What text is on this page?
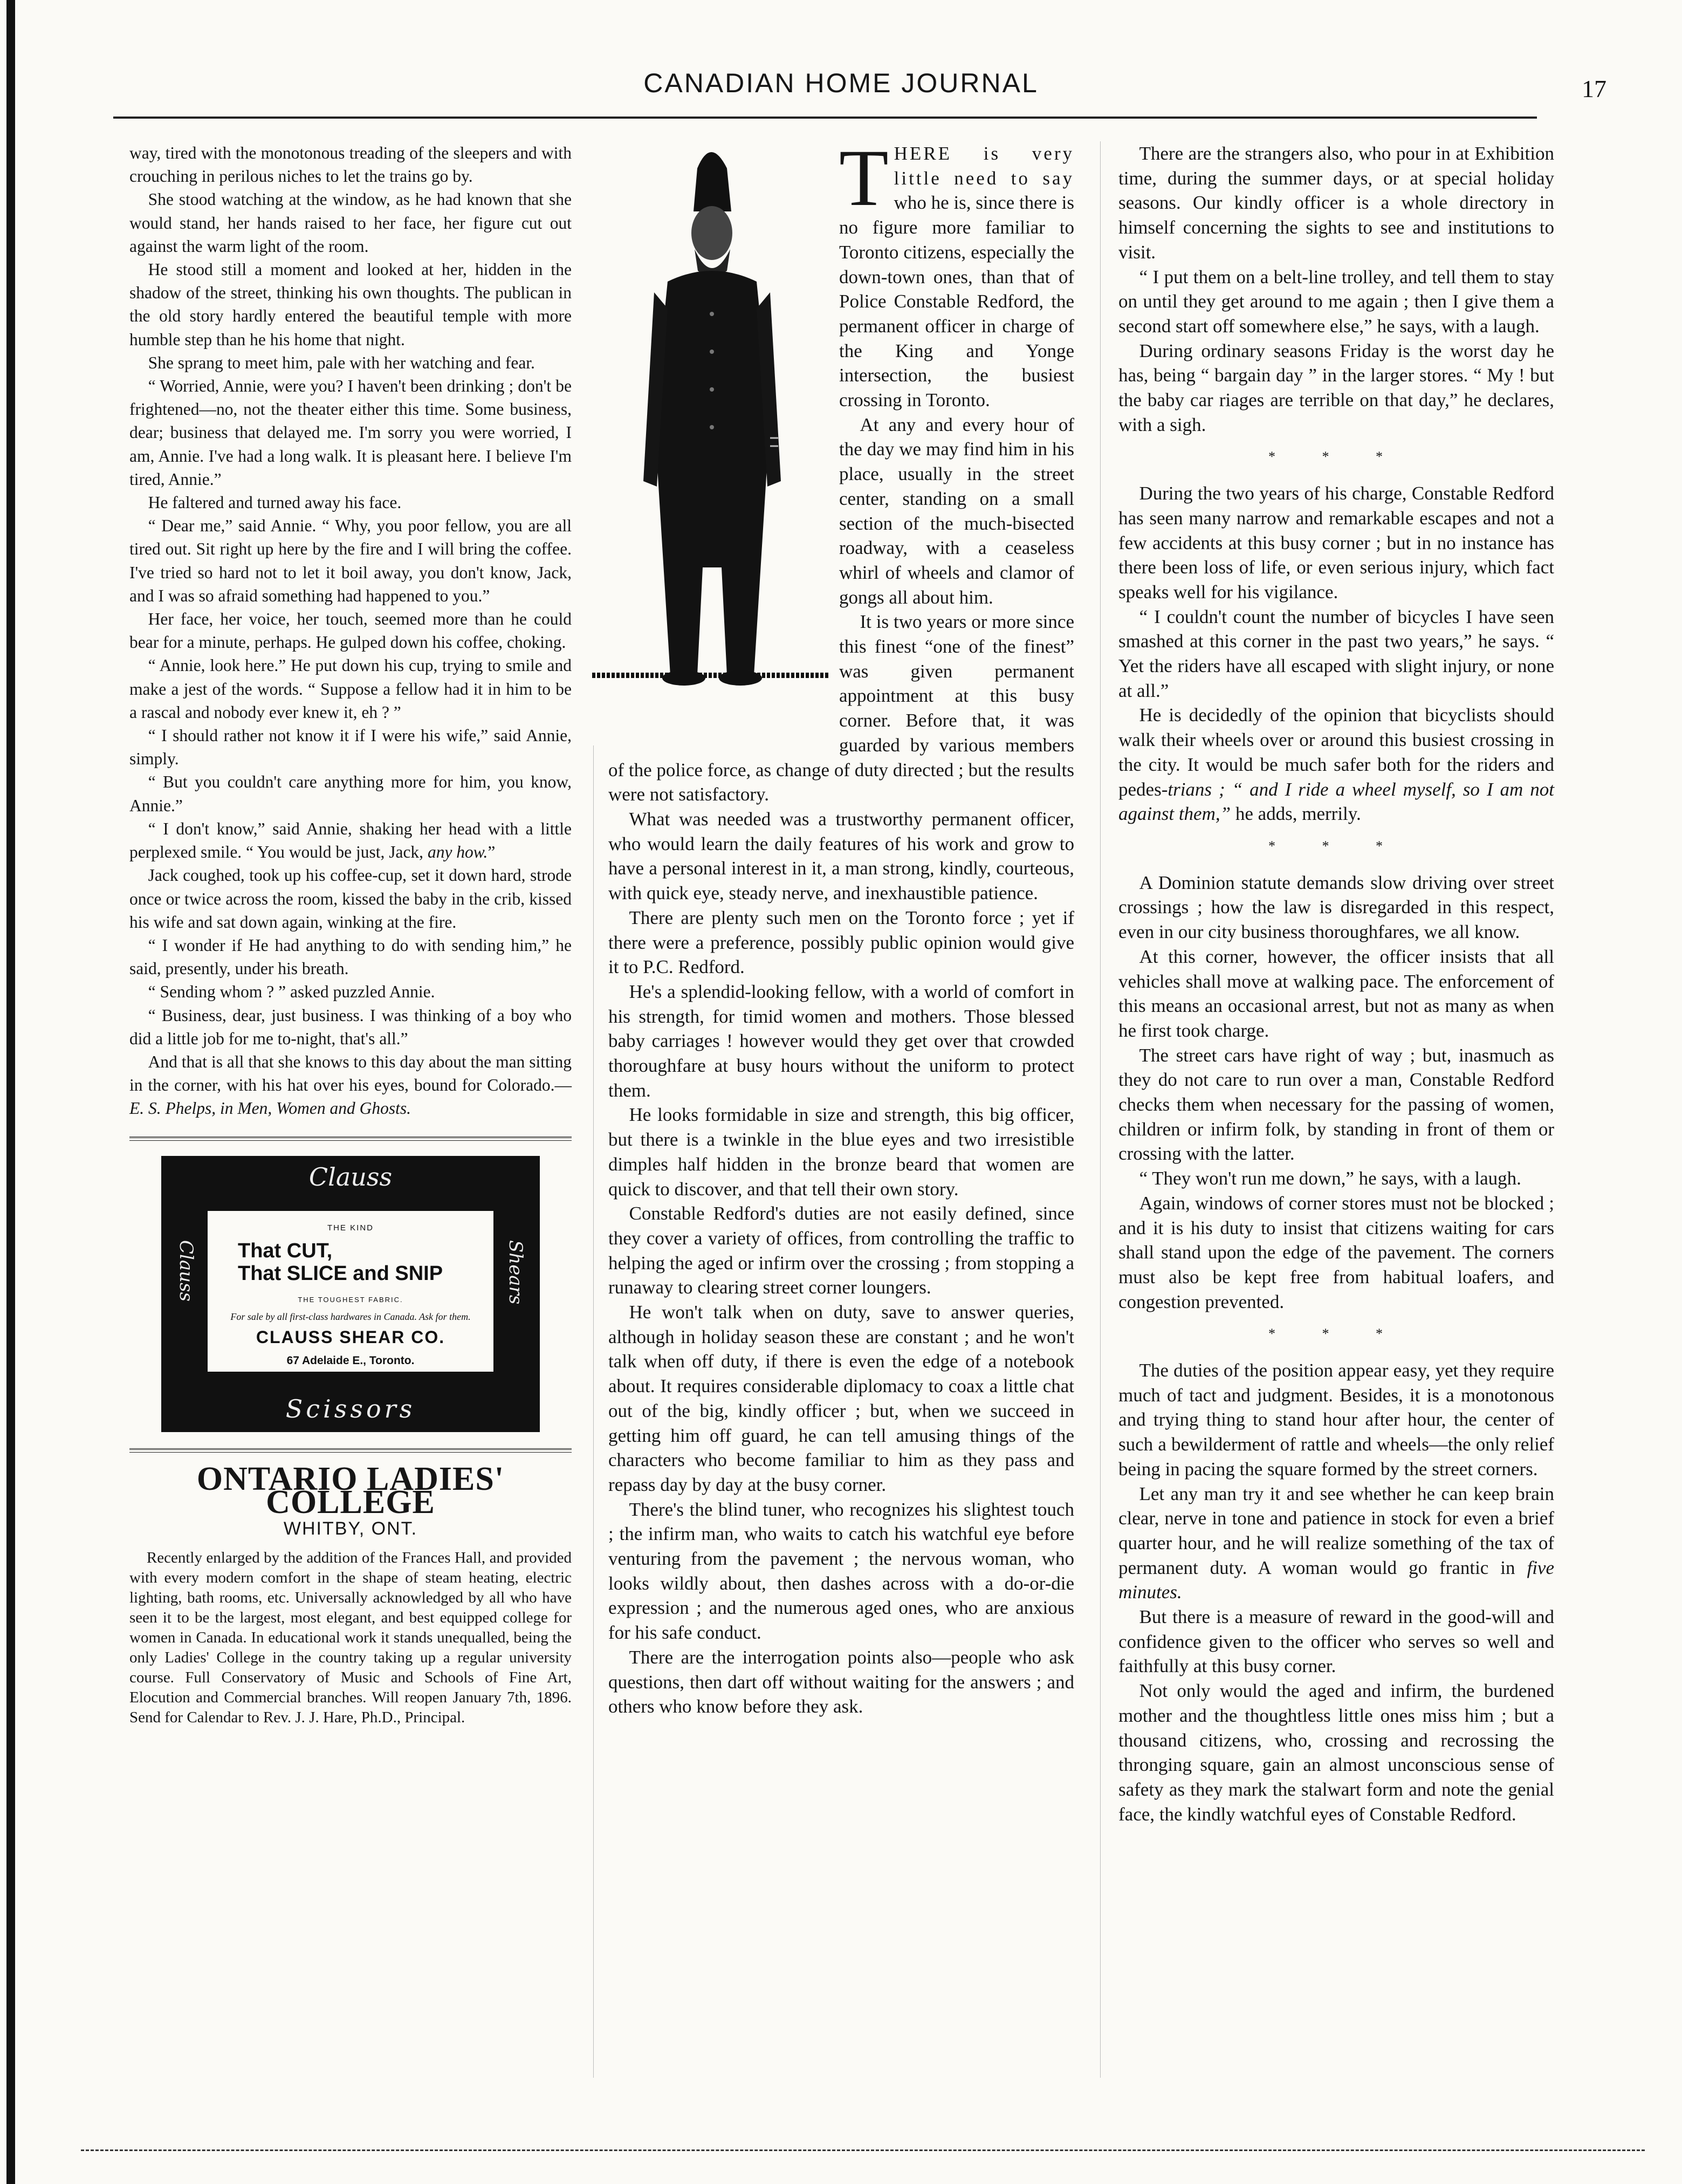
CANADIAN HOME JOURNAL	17

way, tired with the monotonous treading of the sleepers and with crouching in perilous niches to let the trains go by.

She stood watching at the window, as he had known that she would stand, her hands raised to her face, her figure cut out against the warm light of the room.

He stood still a moment and looked at her, hidden in the shadow of the street, thinking his own thoughts. The publican in the old story hardly entered the beautiful temple with more humble step than he his home that night.

She sprang to meet him, pale with her watching and fear.

“ Worried, Annie, were you? I haven't been drinking ; don't be frightened—no, not the theater either this time. Some business, dear; business that delayed me. I'm sorry you were worried, I am, Annie. I've had a long walk. It is pleasant here. I believe I'm tired, Annie.”

He faltered and turned away his face.

“ Dear me,” said Annie. “ Why, you poor fellow, you are all tired out. Sit right up here by the fire and I will bring the coffee. I've tried so hard not to let it boil away, you don't know, Jack, and I was so afraid something had happened to you.”

Her face, her voice, her touch, seemed more than he could bear for a minute, perhaps. He gulped down his coffee, choking.

“ Annie, look here.” He put down his cup, trying to smile and make a jest of the words. “ Suppose a fellow had it in him to be a rascal and nobody ever knew it, eh ? ”

“ I should rather not know it if I were his wife,” said Annie, simply.

“ But you couldn't care anything more for him, you know, Annie.”

“ I don't know,” said Annie, shaking her head with a little perplexed smile. “ You would be just, Jack, any how.”

Jack coughed, took up his coffee-cup, set it down hard, strode once or twice across the room, kissed the baby in the crib, kissed his wife and sat down again, winking at the fire.

“ I wonder if He had anything to do with sending him,” he said, presently, under his breath.

“ Sending whom ? ” asked puzzled Annie.

“ Business, dear, just business. I was thinking of a boy who did a little job for me to-night, that's all.”

And that is all that she knows to this day about the man sitting in the corner, with his hat over his eyes, bound for Colorado.—E. S. Phelps, in Men, Women and Ghosts.

Clauss
Clauss	Shears
THE KIND
That CUT,
That SLICE and SNIP
THE TOUGHEST FABRIC.
For sale by all first-class hardwares in Canada. Ask for them.
CLAUSS SHEAR CO.
67 Adelaide E., Toronto.
Scissors
ONTARIO LADIES' COLLEGE
WHITBY, ONT.

Recently enlarged by the addition of the Frances Hall, and provided with every modern comfort in the shape of steam heating, electric lighting, bath rooms, etc. Universally acknowledged by all who have seen it to be the largest, most elegant, and best equipped college for women in Canada. In educational work it stands unequalled, being the only Ladies' College in the country taking up a regular university course. Full Conservatory of Music and Schools of Fine Art, Elocution and Commercial branches. Will reopen January 7th, 1896. Send for Calendar to Rev. J. J. Hare, Ph.D., Principal.

THERE is very little need to say who he is, since there is no figure more familiar to Toronto citizens, especially the down-town ones, than that of Police Constable Redford, the permanent officer in charge of the King and Yonge intersection, the busiest crossing in Toronto.

At any and every hour of the day we may find him in his place, usually in the street center, standing on a small section of the much-bisected roadway, with a ceaseless whirl of wheels and clamor of gongs all about him.

It is two years or more since this finest “one of the finest” was given permanent appointment at this busy corner. Before that, it was guarded by various members of the police force, as change of duty directed ; but the results were not satisfactory.

What was needed was a trustworthy permanent officer, who would learn the daily features of his work and grow to have a personal interest in it, a man strong, kindly, courteous, with quick eye, steady nerve, and inexhaustible patience.

There are plenty such men on the Toronto force ; yet if there were a preference, possibly public opinion would give it to P.C. Redford.

He's a splendid-looking fellow, with a world of comfort in his strength, for timid women and mothers. Those blessed baby carriages ! however would they get over that crowded thoroughfare at busy hours without the uniform to protect them.

He looks formidable in size and strength, this big officer, but there is a twinkle in the blue eyes and two irresistible dimples half hidden in the bronze beard that women are quick to discover, and that tell their own story.

Constable Redford's duties are not easily defined, since they cover a variety of offices, from controlling the traffic to helping the aged or infirm over the crossing ; from stopping a runaway to clearing street corner loungers.

He won't talk when on duty, save to answer queries, although in holiday season these are constant ; and he won't talk when off duty, if there is even the edge of a notebook about. It requires considerable diplomacy to coax a little chat out of the big, kindly officer ; but, when we succeed in getting him off guard, he can tell amusing things of the characters who become familiar to him as they pass and repass day by day at the busy corner.

There's the blind tuner, who recognizes his slightest touch ; the infirm man, who waits to catch his watchful eye before venturing from the pavement ; the nervous woman, who looks wildly about, then dashes across with a do-or-die expression ; and the numerous aged ones, who are anxious for his safe conduct.

There are the interrogation points also—people who ask questions, then dart off without waiting for the answers ; and others who know before they ask.

There are the strangers also, who pour in at Exhibition time, during the summer days, or at special holiday seasons. Our kindly officer is a whole directory in himself concerning the sights to see and institutions to visit.

“ I put them on a belt-line trolley, and tell them to stay on until they get around to me again ; then I give them a second start off somewhere else,” he says, with a laugh.

During ordinary seasons Friday is the worst day he has, being “ bargain day ” in the larger stores. “ My ! but the baby car riages are terrible on that day,” he declares, with a sigh.

* * *

During the two years of his charge, Constable Redford has seen many narrow and remarkable escapes and not a few accidents at this busy corner ; but in no instance has there been loss of life, or even serious injury, which fact speaks well for his vigilance.

“ I couldn't count the number of bicycles I have seen smashed at this corner in the past two years,” he says. “ Yet the riders have all escaped with slight injury, or none at all.”

He is decidedly of the opinion that bicyclists should walk their wheels over or around this busiest crossing in the city. It would be much safer both for the riders and pedes-trians ; “ and I ride a wheel myself, so I am not against them,” he adds, merrily.

* * *

A Dominion statute demands slow driving over street crossings ; how the law is disregarded in this respect, even in our city business thoroughfares, we all know.

At this corner, however, the officer insists that all vehicles shall move at walking pace. The enforcement of this means an occasional arrest, but not as many as when he first took charge.

The street cars have right of way ; but, inasmuch as they do not care to run over a man, Constable Redford checks them when necessary for the passing of women, children or infirm folk, by standing in front of them or crossing with the latter.

“ They won't run me down,” he says, with a laugh.

Again, windows of corner stores must not be blocked ; and it is his duty to insist that citizens waiting for cars shall stand upon the edge of the pavement. The corners must also be kept free from habitual loafers, and congestion prevented.

* * *

The duties of the position appear easy, yet they require much of tact and judgment. Besides, it is a monotonous and trying thing to stand hour after hour, the center of such a bewilderment of rattle and wheels—the only relief being in pacing the square formed by the street corners.

Let any man try it and see whether he can keep brain clear, nerve in tone and patience in stock for even a brief quarter hour, and he will realize something of the tax of permanent duty. A woman would go frantic in five minutes.

But there is a measure of reward in the good-will and confidence given to the officer who serves so well and faithfully at this busy corner.

Not only would the aged and infirm, the burdened mother and the thoughtless little ones miss him ; but a thousand citizens, who, crossing and recrossing the thronging square, gain an almost unconscious sense of safety as they mark the stalwart form and note the genial face, the kindly watchful eyes of Constable Redford.
